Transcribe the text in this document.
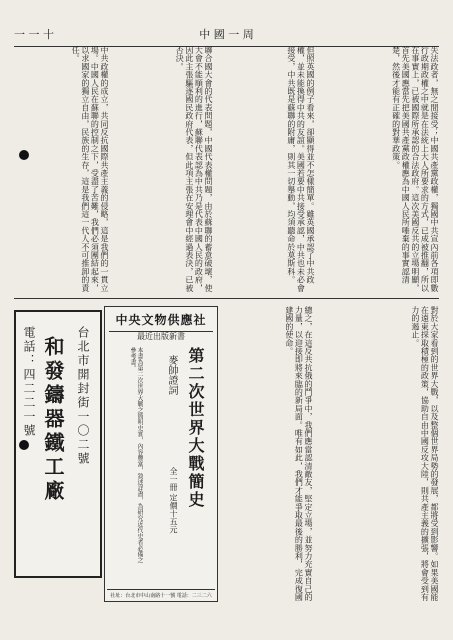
一 一 十	中 國 一 周
失法政者，無之間接受；中國共產黨政權，獨國中共宣內前各項即數行政期政權之中就是在法統上大人所要求的方式，已成被推翻，所以在事實上，已被國際所承認的合法政府。這次美國反共的立場明顯，首先美國應當先把美國共產黨政權應為中國人民所唾棄的事實認清楚，然後才能有正確的對華政策。
但照英國的例子看來，卻顯得並不怎樣簡單。雖英國承認了中共政權，並未能換得中共的友誼。美國若要中共接受承認，中共也未必會接受，中共既是蘇聯的附庸，則其一切舉動，均須聽命於莫斯科。
聯合國大會的代表問題，中國代表權問題，由於蘇聯的蓄意破壞，使大會不能順利的進行，蘇聯代表認為中共乃是代表中國人民的政府，因此主張驅逐國民政府代表，但此項主張在安理會中經過表決，已被否決。
中共政權的成立，共同反抗國際共產主義的侵略，這是我們的一貫立場。中國人民在蘇聯的控制之下，受盡了苦難，我們必須團結起來，以求國家的獨立自由，民族的生存，這是我們這一代人不可推卸的責任。
對於大家看到的世界大戰，以及整個世界局勢的發展，都將受到影響。如果美國能在遠東採取積極的政策，協助自由中國反攻大陸，則共產主義的擴張，將會受到有力的遏止。
總之，在這反共抗俄的鬥爭中，我們應當認清敵友，堅定立場，並努力充實自己的力量，以迎接即將來臨的新局面。唯有如此，我們才能爭取最後的勝利，完成復國建國的使命。
中央文物供應社
最近出版新書
第二次世界大戰簡史
麥帥證詞
全一冊 定價十五元
本書為第二次世界大戰之簡明史實，內容豐富，敘述詳盡，為研究近代史者必備之參考書。
社址：台北市中山南路十一號 電話：二三二六
台北市開封街一〇二號
和發鑄器鐵工廠
電話：四二二一號
